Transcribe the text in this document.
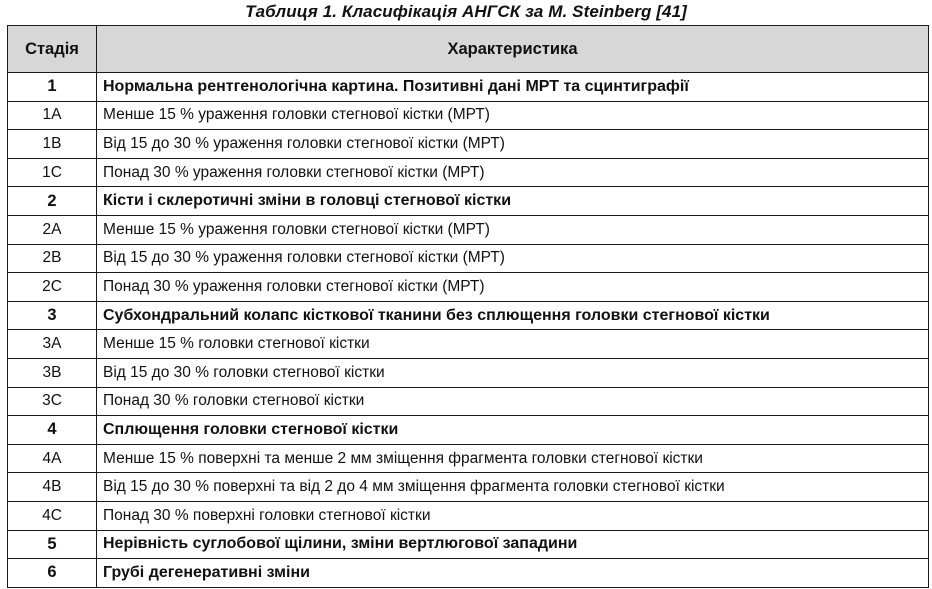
Таблиця 1. Класифікація АНГСК за M. Steinberg [41]
Стадія	Характеристика
1	Нормальна рентгенологічна картина. Позитивні дані МРТ та сцинтиграфії
1A	Менше 15 % ураження головки стегнової кістки (МРТ)
1B	Від 15 до 30 % ураження головки стегнової кістки (МРТ)
1C	Понад 30 % ураження головки стегнової кістки (МРТ)
2	Кісти і склеротичні зміни в головці стегнової кістки
2A	Менше 15 % ураження головки стегнової кістки (МРТ)
2B	Від 15 до 30 % ураження головки стегнової кістки (МРТ)
2C	Понад 30 % ураження головки стегнової кістки (МРТ)
3	Субхондральний колапс кісткової тканини без сплющення головки стегнової кістки
3A	Менше 15 % головки стегнової кістки
3B	Від 15 до 30 % головки стегнової кістки
3C	Понад 30 % головки стегнової кістки
4	Сплющення головки стегнової кістки
4A	Менше 15 % поверхні та менше 2 мм зміщення фрагмента головки стегнової кістки
4B	Від 15 до 30 % поверхні та від 2 до 4 мм зміщення фрагмента головки стегнової кістки
4C	Понад 30 % поверхні головки стегнової кістки
5	Нерівність суглобової щілини, зміни вертлюгової западини
6	Грубі дегенеративні зміни
